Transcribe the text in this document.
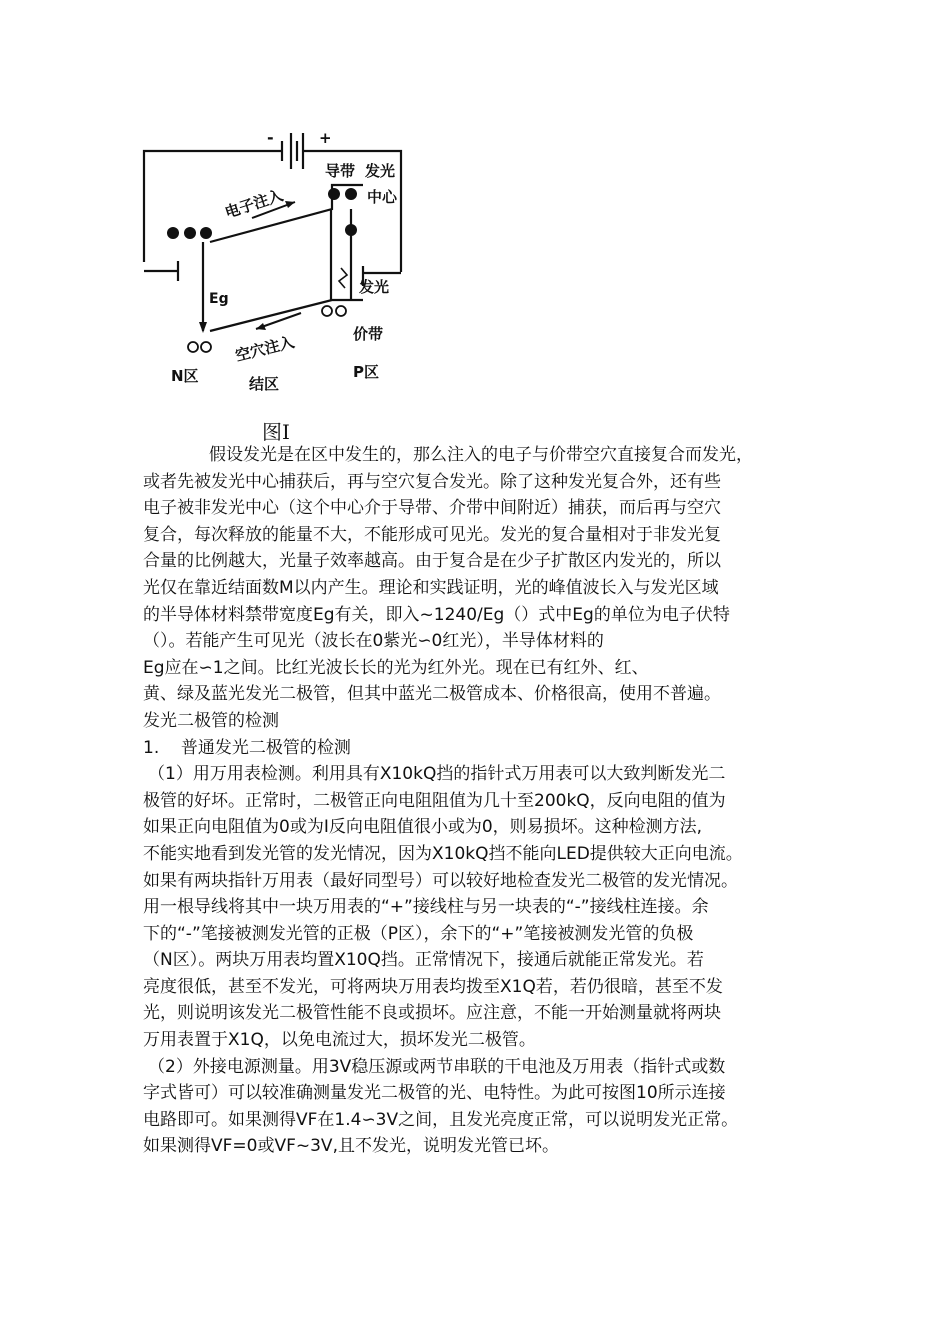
-	+
导带 发光
电子注入	中心
Eg
发光
价带
空穴注入
N区	结区
P区
图I
假设发光是在区中发生的，那么注入的电子与价带空穴直接复合而发光，
或者先被发光中心捕获后，再与空穴复合发光。除了这种发光复合外，还有些
电子被非发光中心（这个中心介于导带、介带中间附近）捕获，而后再与空穴
复合，每次释放的能量不大，不能形成可见光。发光的复合量相对于非发光复
合量的比例越大，光量子效率越高。由于复合是在少子扩散区内发光的，所以
光仅在靠近结面数M以内产生。理论和实践证明，光的峰值波长入与发光区域
的半导体材料禁带宽度Eg有关，即入~1240/Eg（）式中Eg的单位为电子伏特
（）。若能产生可见光（波长在0紫光∽0红光），半导体材料的
Eg应在∽1之间。比红光波长长的光为红外光。现在已有红外、红、
黄、绿及蓝光发光二极管，但其中蓝光二极管成本、价格很高，使用不普遍。
发光二极管的检测
1.    普通发光二极管的检测
（1）用万用表检测。利用具有X10kQ挡的指针式万用表可以大致判断发光二
极管的好坏。正常时，二极管正向电阻阻值为几十至200kQ，反向电阻的值为
如果正向电阻值为0或为I反向电阻值很小或为0，则易损坏。这种检测方法,
不能实地看到发光管的发光情况，因为X10kQ挡不能向LED提供较大正向电流。
如果有两块指针万用表（最好同型号）可以较好地检查发光二极管的发光情况。
用一根导线将其中一块万用表的“+”接线柱与另一块表的“-”接线柱连接。余
下的“-”笔接被测发光管的正极（P区），余下的“+”笔接被测发光管的负极
（N区）。两块万用表均置X10Q挡。正常情况下，接通后就能正常发光。若
亮度很低，甚至不发光，可将两块万用表均拨至X1Q若，若仍很暗，甚至不发
光，则说明该发光二极管性能不良或损坏。应注意，不能一开始测量就将两块
万用表置于X1Q，以免电流过大，损坏发光二极管。
（2）外接电源测量。用3V稳压源或两节串联的干电池及万用表（指针式或数
字式皆可）可以较准确测量发光二极管的光、电特性。为此可按图10所示连接
电路即可。如果测得VF在1.4∽3V之间，且发光亮度正常，可以说明发光正常。
如果测得VF=0或VF~3V,且不发光，说明发光管已坏。
